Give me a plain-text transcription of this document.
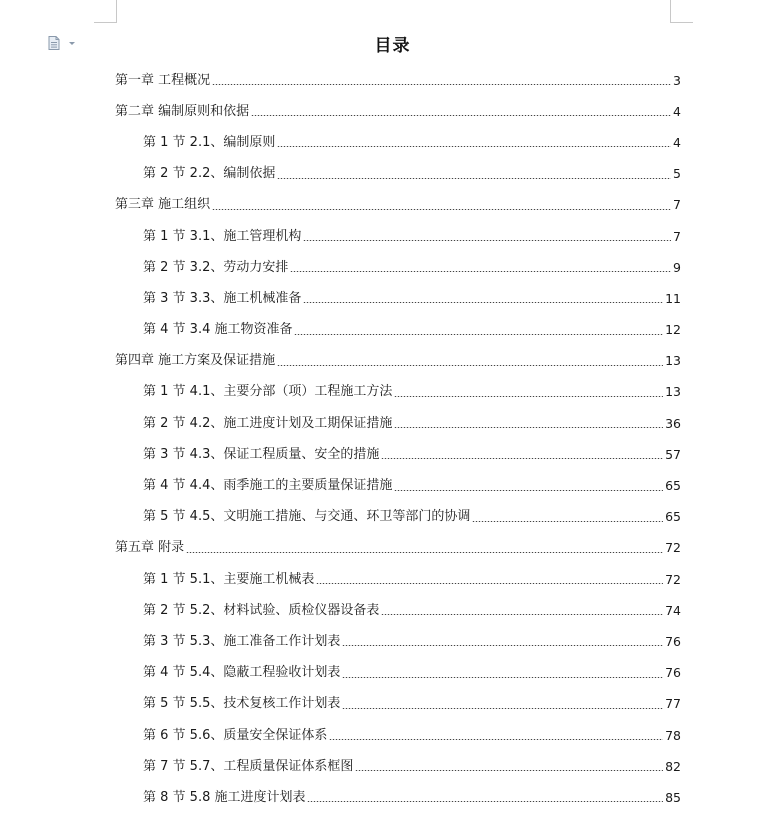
目录
第一章 工程概况	3
第二章 编制原则和依据	4
第 1 节 2.1、编制原则	4
第 2 节 2.2、编制依据	5
第三章 施工组织	7
第 1 节 3.1、施工管理机构	7
第 2 节 3.2、劳动力安排	9
第 3 节 3.3、施工机械准备	11
第 4 节 3.4 施工物资准备	12
第四章 施工方案及保证措施	13
第 1 节 4.1、主要分部（项）工程施工方法	13
第 2 节 4.2、施工进度计划及工期保证措施	36
第 3 节 4.3、保证工程质量、安全的措施	57
第 4 节 4.4、雨季施工的主要质量保证措施	65
第 5 节 4.5、文明施工措施、与交通、环卫等部门的协调	65
第五章 附录	72
第 1 节 5.1、主要施工机械表	72
第 2 节 5.2、材料试验、质检仪器设备表	74
第 3 节 5.3、施工准备工作计划表	76
第 4 节 5.4、隐蔽工程验收计划表	76
第 5 节 5.5、技术复核工作计划表	77
第 6 节 5.6、质量安全保证体系	78
第 7 节 5.7、工程质量保证体系框图	82
第 8 节 5.8 施工进度计划表	85
